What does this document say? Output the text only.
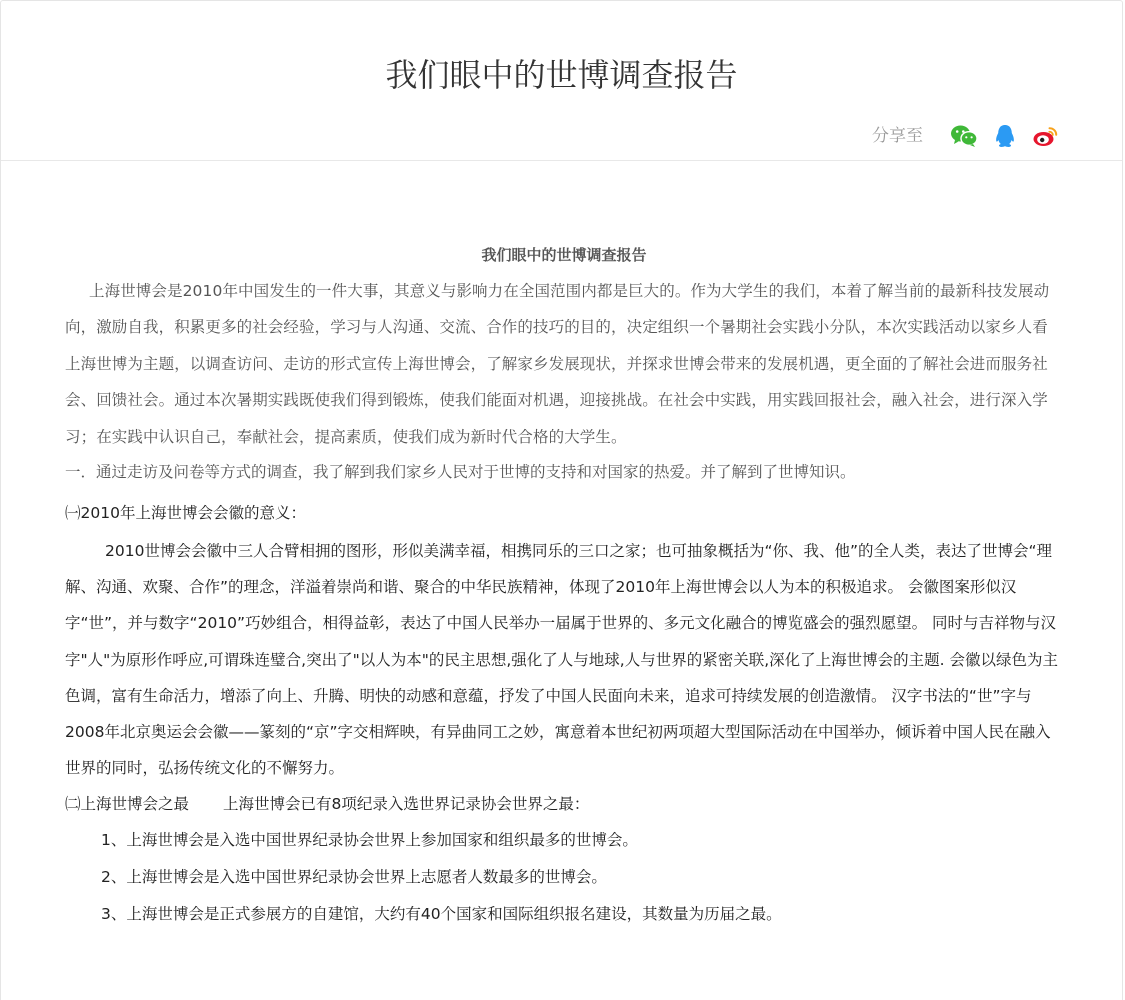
我们眼中的世博调查报告
分享至

我们眼中的世博调查报告

上海世博会是2010年中国发生的一件大事，其意义与影响力在全国范围内都是巨大的。作为大学生的我们，本着了解当前的最新科技发展动向，激励自我，积累更多的社会经验，学习与人沟通、交流、合作的技巧的目的，决定组织一个暑期社会实践小分队，本次实践活动以家乡人看上海世博为主题，以调查访问、走访的形式宣传上海世博会，了解家乡发展现状，并探求世博会带来的发展机遇，更全面的了解社会进而服务社会、回馈社会。通过本次暑期实践既使我们得到锻炼，使我们能面对机遇，迎接挑战。在社会中实践，用实践回报社会，融入社会，进行深入学习；在实践中认识自己，奉献社会，提高素质，使我们成为新时代合格的大学生。

一．通过走访及问卷等方式的调查，我了解到我们家乡人民对于世博的支持和对国家的热爱。并了解到了世博知识。

㈠2010年上海世博会会徽的意义：

2010世博会会徽中三人合臂相拥的图形，形似美满幸福，相携同乐的三口之家；也可抽象概括为“你、我、他”的全人类，表达了世博会“理解、沟通、欢聚、合作”的理念，洋溢着崇尚和谐、聚合的中华民族精神，体现了2010年上海世博会以人为本的积极追求。 会徽图案形似汉字“世”，并与数字“2010”巧妙组合，相得益彰，表达了中国人民举办一届属于世界的、多元文化融合的博览盛会的强烈愿望。 同时与吉祥物与汉字"人"为原形作呼应,可谓珠连璧合,突出了"以人为本"的民主思想,强化了人与地球,人与世界的紧密关联,深化了上海世博会的主题. 会徽以绿色为主色调，富有生命活力，增添了向上、升腾、明快的动感和意蕴，抒发了中国人民面向未来，追求可持续发展的创造激情。 汉字书法的“世”字与2008年北京奥运会会徽——篆刻的“京”字交相辉映，有异曲同工之妙，寓意着本世纪初两项超大型国际活动在中国举办，倾诉着中国人民在融入世界的同时，弘扬传统文化的不懈努力。

㈡上海世博会之最 上海世博会已有8项纪录入选世界记录协会世界之最：

1、上海世博会是入选中国世界纪录协会世界上参加国家和组织最多的世博会。
2、上海世博会是入选中国世界纪录协会世界上志愿者人数最多的世博会。
3、上海世博会是正式参展方的自建馆，大约有40个国家和国际组织报名建设，其数量为历届之最。
